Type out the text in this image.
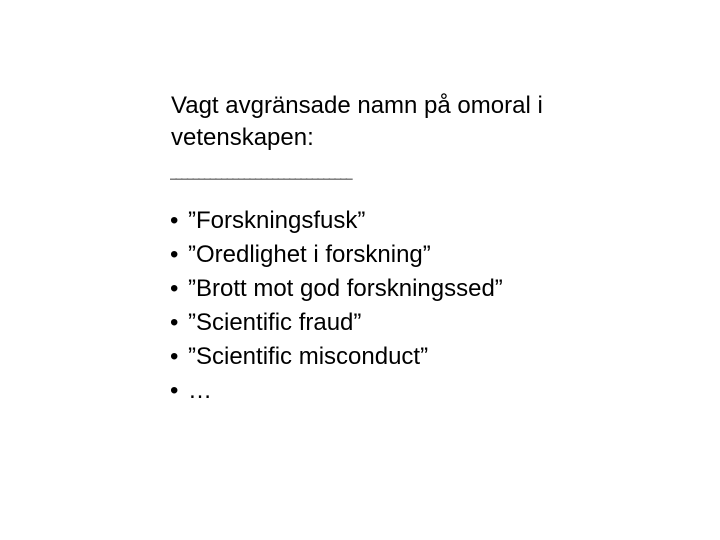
Vagt avgränsade namn på omoral i
vetenskapen:
________________________________
• ”Forskningsfusk”
• ”Oredlighet i forskning”
• ”Brott mot god forskningssed”
• ”Scientific fraud”
• ”Scientific misconduct”
• …
